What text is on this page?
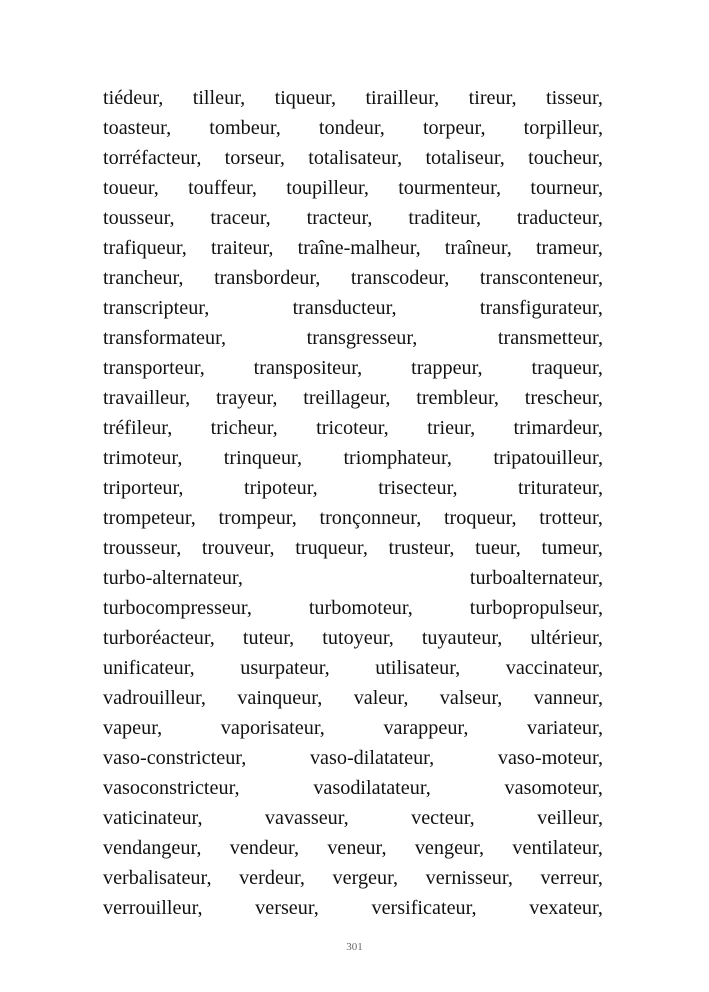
tiédeur, tilleur, tiqueur, tirailleur, tireur, tisseur,
toasteur, tombeur, tondeur, torpeur, torpilleur,
torréfacteur, torseur, totalisateur, totaliseur, toucheur,
toueur, touffeur, toupilleur, tourmenteur, tourneur,
tousseur, traceur, tracteur, traditeur, traducteur,
trafiqueur, traiteur, traîne-malheur, traîneur, trameur,
trancheur, transbordeur, transcodeur, transconteneur,
transcripteur,	transducteur,	transfigurateur,
transformateur,	transgresseur,	transmetteur,
transporteur, transpositeur, trappeur, traqueur,
travailleur, trayeur, treillageur, trembleur, trescheur,
tréfileur, tricheur, tricoteur, trieur, trimardeur,
trimoteur, trinqueur, triomphateur, tripatouilleur,
triporteur,	tripoteur,	trisecteur,	triturateur,
trompeteur, trompeur, tronçonneur, troqueur, trotteur,
trousseur, trouveur, truqueur, trusteur, tueur, tumeur,
turbo-alternateur,	turboalternateur,
turbocompresseur,	turbomoteur,	turbopropulseur,
turboréacteur, tuteur, tutoyeur, tuyauteur, ultérieur,
unificateur, usurpateur, utilisateur, vaccinateur,
vadrouilleur, vainqueur, valeur, valseur, vanneur,
vapeur,	vaporisateur,	varappeur,	variateur,
vaso-constricteur,	vaso-dilatateur,	vaso-moteur,
vasoconstricteur,	vasodilatateur,	vasomoteur,
vaticinateur,	vavasseur,	vecteur,	veilleur,
vendangeur, vendeur, veneur, vengeur, ventilateur,
verbalisateur, verdeur, vergeur, vernisseur, verreur,
verrouilleur,	verseur,	versificateur,	vexateur,
301
